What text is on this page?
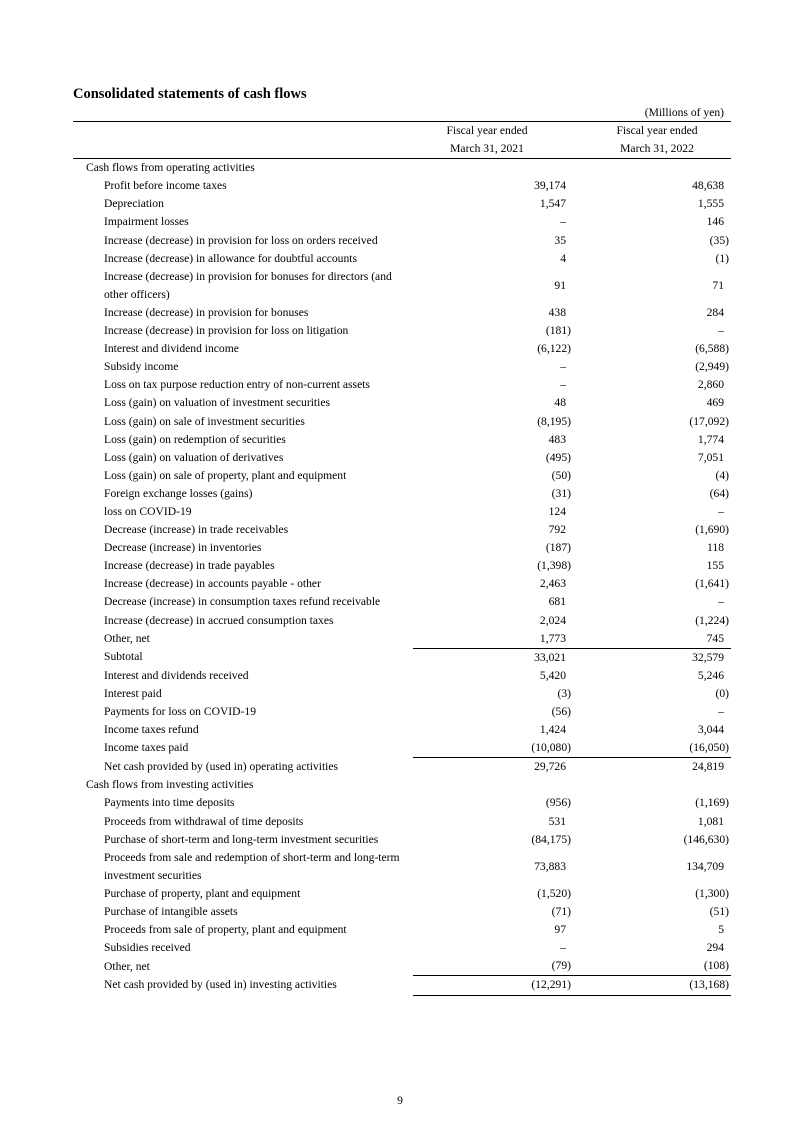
Consolidated statements of cash flows
(Millions of yen)
	Fiscal year ended	Fiscal year ended
	March 31, 2021	March 31, 2022
Cash flows from operating activities	

Profit before income taxes	39,174	48,638

Depreciation	1,547	1,555

Impairment losses	–	146

Increase (decrease) in provision for loss on orders received	35	(35)

Increase (decrease) in allowance for doubtful accounts	4	(1)

Increase (decrease) in provision for bonuses for directors (and other officers)	91	71

Increase (decrease) in provision for bonuses	438	284

Increase (decrease) in provision for loss on litigation	(181)	–

Interest and dividend income	(6,122)	(6,588)

Subsidy income	–	(2,949)

Loss on tax purpose reduction entry of non-current assets	–	2,860

Loss (gain) on valuation of investment securities	48	469

Loss (gain) on sale of investment securities	(8,195)	(17,092)

Loss (gain) on redemption of securities	483	1,774

Loss (gain) on valuation of derivatives	(495)	7,051

Loss (gain) on sale of property, plant and equipment	(50)	(4)

Foreign exchange losses (gains)	(31)	(64)

loss on COVID-19	124	–

Decrease (increase) in trade receivables	792	(1,690)

Decrease (increase) in inventories	(187)	118

Increase (decrease) in trade payables	(1,398)	155

Increase (decrease) in accounts payable - other	2,463	(1,641)

Decrease (increase) in consumption taxes refund receivable	681	–

Increase (decrease) in accrued consumption taxes	2,024	(1,224)

Other, net	1,773	745

Subtotal	33,021	32,579

Interest and dividends received	5,420	5,246

Interest paid	(3)	(0)

Payments for loss on COVID-19	(56)	–

Income taxes refund	1,424	3,044

Income taxes paid	(10,080)	(16,050)

Net cash provided by (used in) operating activities	29,726	24,819

Cash flows from investing activities	

Payments into time deposits	(956)	(1,169)

Proceeds from withdrawal of time deposits	531	1,081

Purchase of short-term and long-term investment securities	(84,175)	(146,630)

Proceeds from sale and redemption of short-term and long-term investment securities	73,883	134,709

Purchase of property, plant and equipment	(1,520)	(1,300)

Purchase of intangible assets	(71)	(51)

Proceeds from sale of property, plant and equipment	97	5

Subsidies received	–	294

Other, net	(79)	(108)

Net cash provided by (used in) investing activities	(12,291)	(13,168)
9
